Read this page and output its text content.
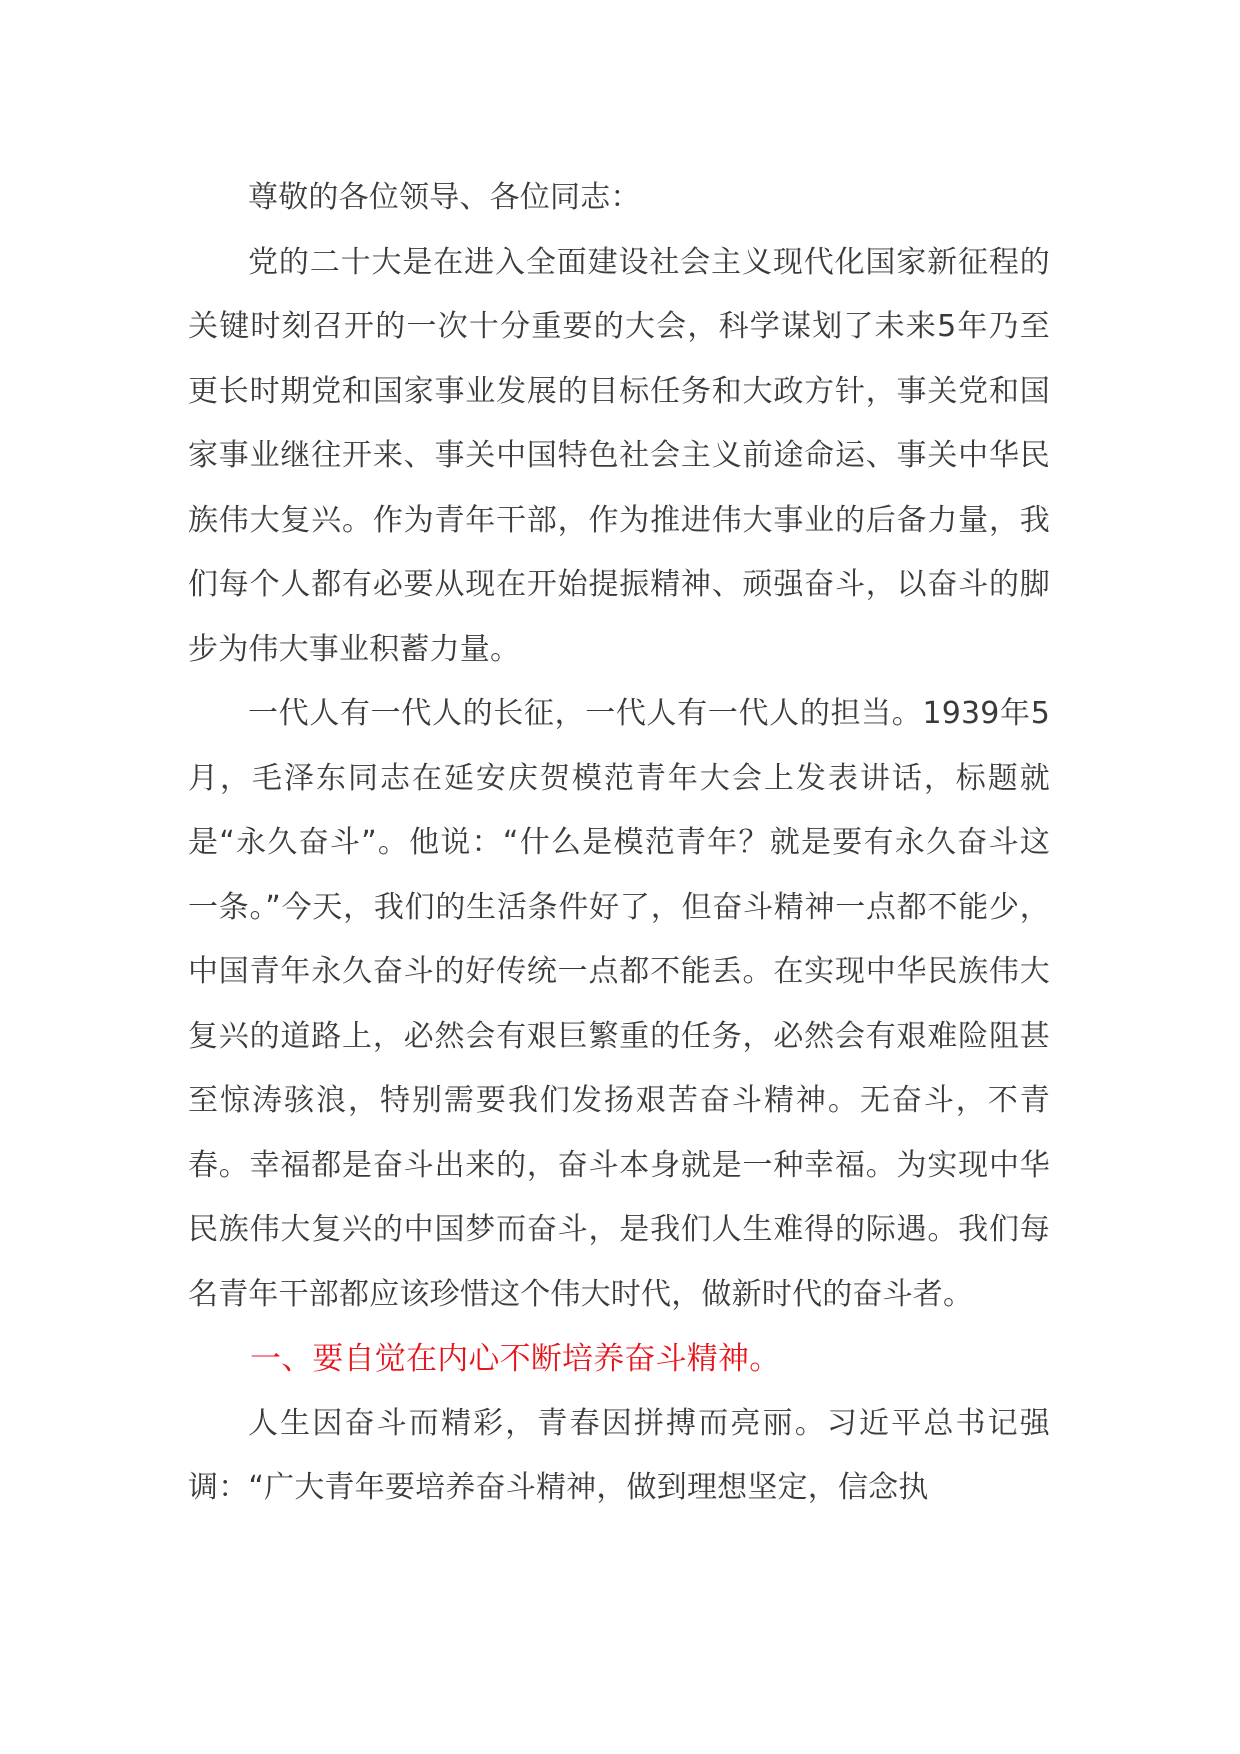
尊敬的各位领导、各位同志：

党的二十大是在进入全面建设社会主义现代化国家新征程的关键时刻召开的一次十分重要的大会，科学谋划了未来5年乃至更长时期党和国家事业发展的目标任务和大政方针，事关党和国家事业继往开来、事关中国特色社会主义前途命运、事关中华民族伟大复兴。作为青年干部，作为推进伟大事业的后备力量，我们每个人都有必要从现在开始提振精神、顽强奋斗，以奋斗的脚步为伟大事业积蓄力量。

一代人有一代人的长征，一代人有一代人的担当。1939年5月，毛泽东同志在延安庆贺模范青年大会上发表讲话，标题就是“永久奋斗”。他说：“什么是模范青年？就是要有永久奋斗这一条。”今天，我们的生活条件好了，但奋斗精神一点都不能少，中国青年永久奋斗的好传统一点都不能丢。在实现中华民族伟大复兴的道路上，必然会有艰巨繁重的任务，必然会有艰难险阻甚至惊涛骇浪，特别需要我们发扬艰苦奋斗精神。无奋斗，不青春。幸福都是奋斗出来的，奋斗本身就是一种幸福。为实现中华民族伟大复兴的中国梦而奋斗，是我们人生难得的际遇。我们每名青年干部都应该珍惜这个伟大时代，做新时代的奋斗者。

一、要自觉在内心不断培养奋斗精神。

人生因奋斗而精彩，青春因拼搏而亮丽。习近平总书记强调：“广大青年要培养奋斗精神，做到理想坚定，信念执
